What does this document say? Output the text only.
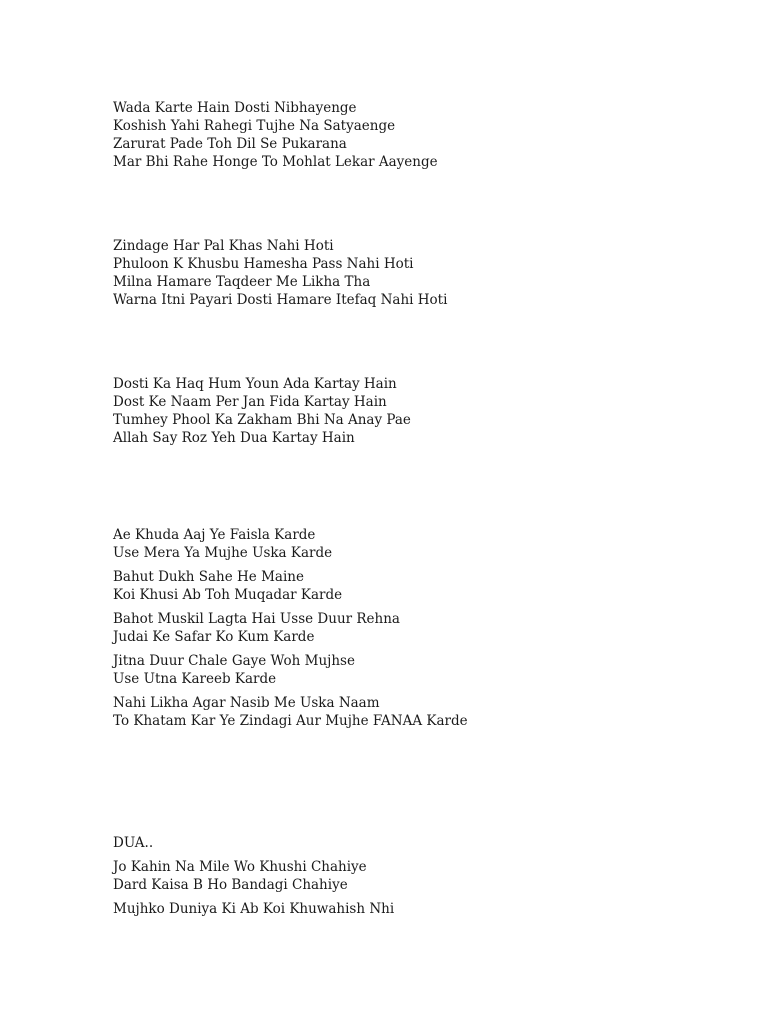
Wada Karte Hain Dosti Nibhayenge
Koshish Yahi Rahegi Tujhe Na Satyaenge
Zarurat Pade Toh Dil Se Pukarana
Mar Bhi Rahe Honge To Mohlat Lekar Aayenge
Zindage Har Pal Khas Nahi Hoti
Phuloon K Khusbu Hamesha Pass Nahi Hoti
Milna Hamare Taqdeer Me Likha Tha
Warna Itni Payari Dosti Hamare Itefaq Nahi Hoti
Dosti Ka Haq Hum Youn Ada Kartay Hain
Dost Ke Naam Per Jan Fida Kartay Hain
Tumhey Phool Ka Zakham Bhi Na Anay Pae
Allah Say Roz Yeh Dua Kartay Hain
Ae Khuda Aaj Ye Faisla Karde
Use Mera Ya Mujhe Uska Karde
Bahut Dukh Sahe He Maine
Koi Khusi Ab Toh Muqadar Karde
Bahot Muskil Lagta Hai Usse Duur Rehna
Judai Ke Safar Ko Kum Karde
Jitna Duur Chale Gaye Woh Mujhse
Use Utna Kareeb Karde
Nahi Likha Agar Nasib Me Uska Naam
To Khatam Kar Ye Zindagi Aur Mujhe FANAA Karde
DUA..
Jo Kahin Na Mile Wo Khushi Chahiye
Dard Kaisa B Ho Bandagi Chahiye
Mujhko Duniya Ki Ab Koi Khuwahish Nhi
